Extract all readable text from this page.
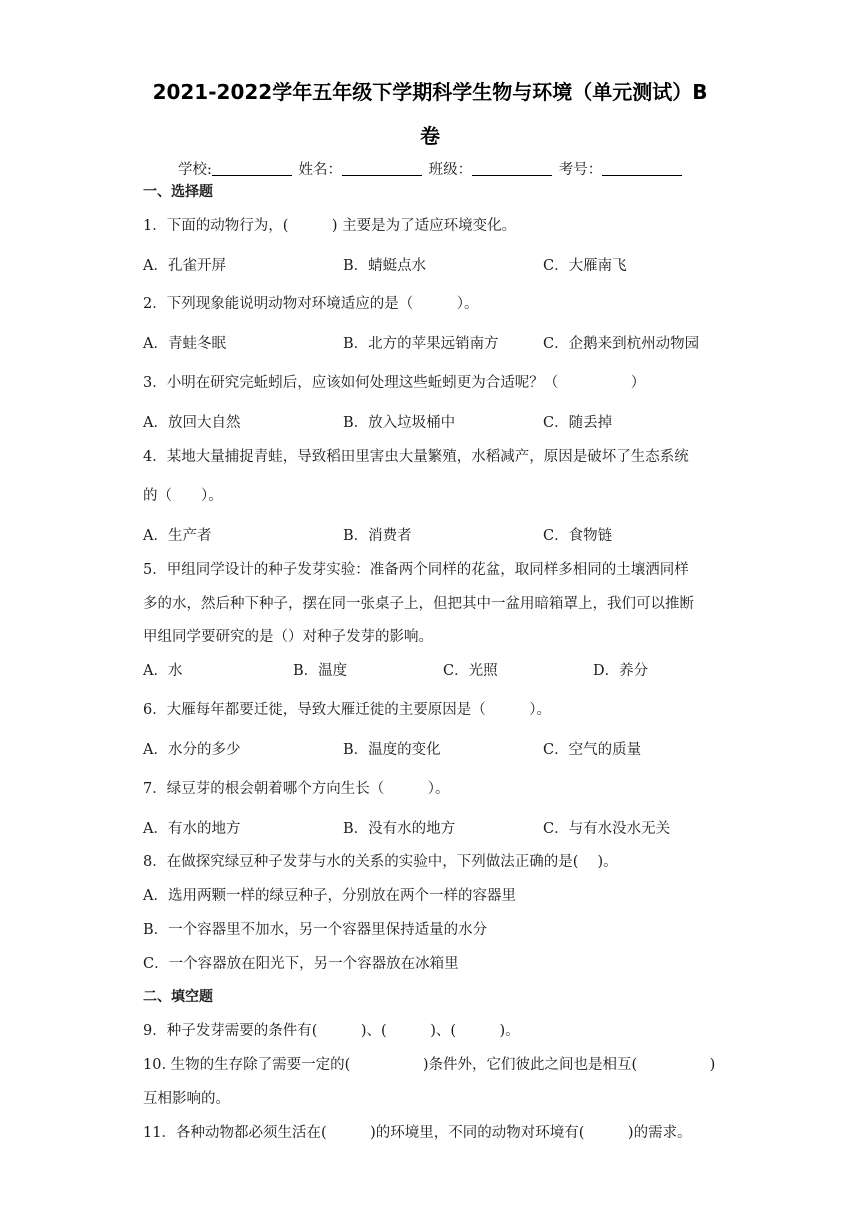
2021-2022学年五年级下学期科学生物与环境（单元测试）B
卷
学校:	姓名：	班级：	考号：
一、选择题
1．下面的动物行为，(　　　) 主要是为了适应环境变化。
A．孔雀开屏	B．蜻蜓点水	C．大雁南飞
2．下列现象能说明动物对环境适应的是（　　　）。
A．青蛙冬眠	B．北方的苹果远销南方	C．企鹅来到杭州动物园
3．小明在研究完蚯蚓后，应该如何处理这些蚯蚓更为合适呢？（　　　　　）
A．放回大自然	B．放入垃圾桶中	C．随丢掉
4．某地大量捕捉青蛙，导致稻田里害虫大量繁殖，水稻减产，原因是破坏了生态系统
的（　　）。
A．生产者	B．消费者	C．食物链
5．甲组同学设计的种子发芽实验：准备两个同样的花盆，取同样多相同的土壤洒同样
多的水，然后种下种子，摆在同一张桌子上，但把其中一盆用暗箱罩上，我们可以推断
甲组同学要研究的是（）对种子发芽的影响。
A．水	B．温度	C．光照	D．养分
6．大雁每年都要迁徙，导致大雁迁徙的主要原因是（　　　）。
A．水分的多少	B．温度的变化	C．空气的质量
7．绿豆芽的根会朝着哪个方向生长（　　　）。
A．有水的地方	B．没有水的地方	C．与有水没水无关
8．在做探究绿豆种子发芽与水的关系的实验中，下列做法正确的是(　 )。
A．选用两颗一样的绿豆种子，分别放在两个一样的容器里
B．一个容器里不加水，另一个容器里保持适量的水分
C．一个容器放在阳光下，另一个容器放在冰箱里
二、填空题
9．种子发芽需要的条件有(　　　)、(　　　)、(　　　)。
10. 生物的生存除了需要一定的(　　　　　)条件外，它们彼此之间也是相互(　　　　　)
互相影响的。
11．各种动物都必须生活在(　　　)的环境里，不同的动物对环境有(　　　)的需求。
